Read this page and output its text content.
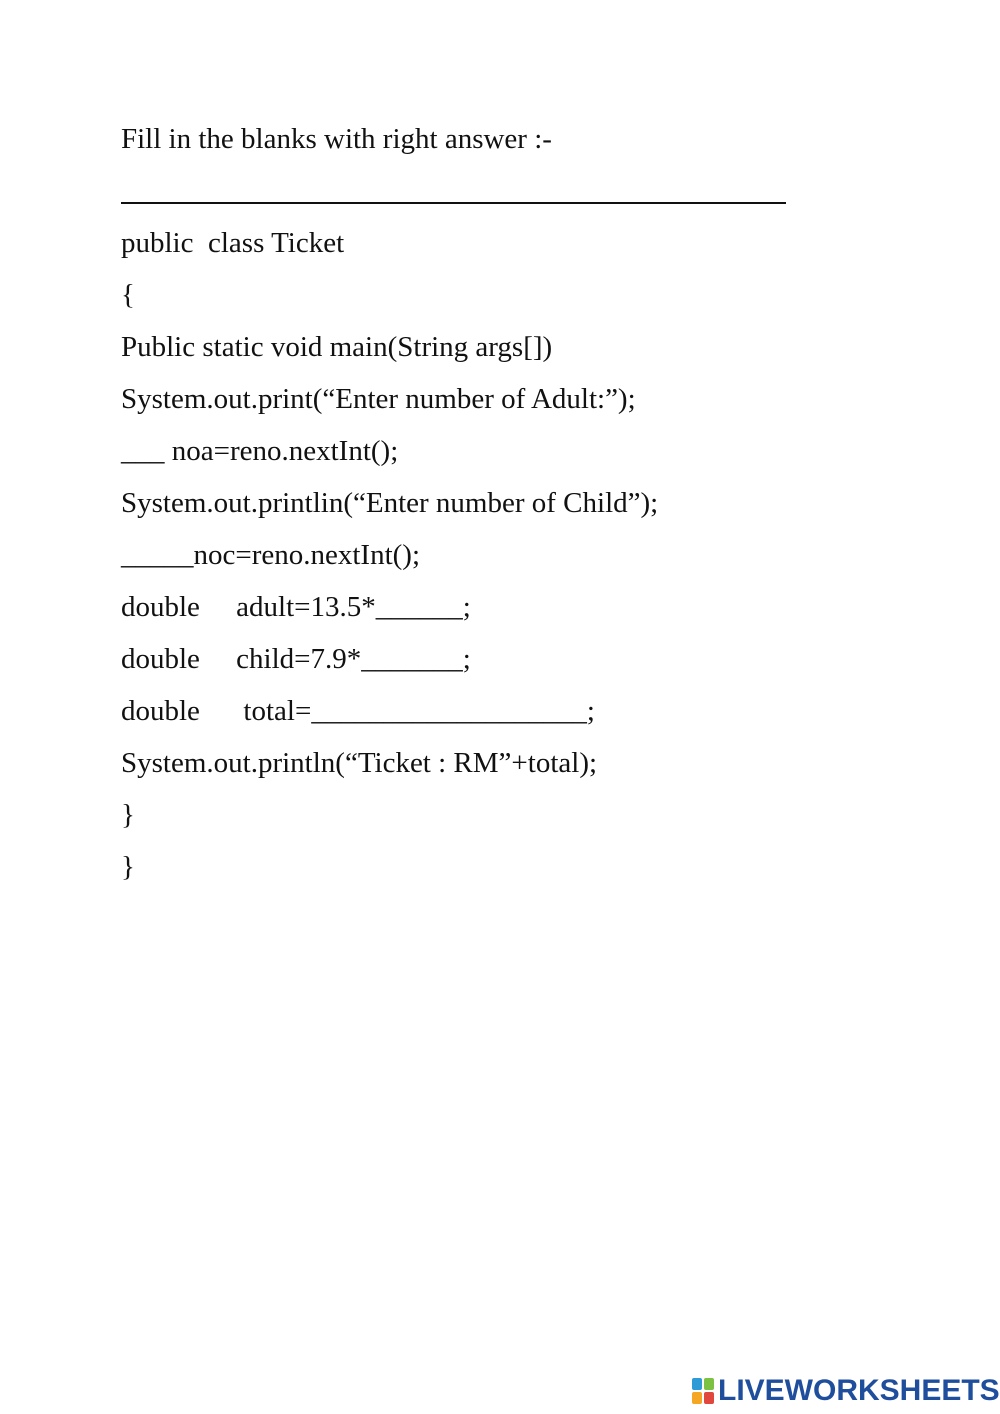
Fill in the blanks with right answer :-
public  class Ticket
{
Public static void main(String args[])
System.out.print(“Enter number of Adult:”);
___ noa=reno.nextInt();
System.out.printlin(“Enter number of Child”);
_____noc=reno.nextInt();
double     adult=13.5*______;
double     child=7.9*_______;
double      total=___________________;
System.out.println(“Ticket : RM”+total);
}
}
LIVEWORKSHEETS
